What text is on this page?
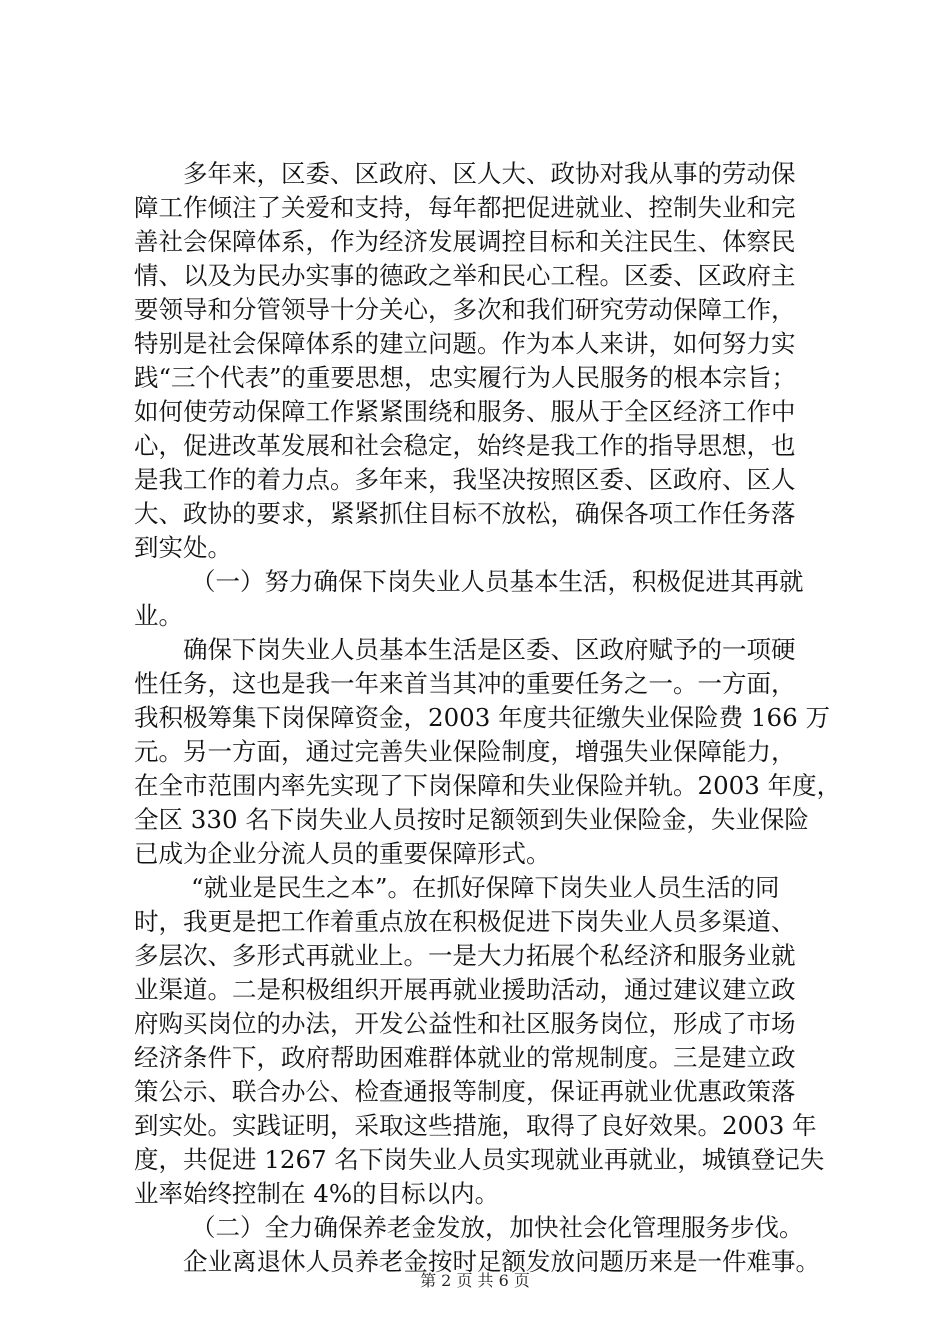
多年来，区委、区政府、区人大、政协对我从事的劳动保
障工作倾注了关爱和支持，每年都把促进就业、控制失业和完
善社会保障体系，作为经济发展调控目标和关注民生、体察民
情、以及为民办实事的德政之举和民心工程。区委、区政府主
要领导和分管领导十分关心，多次和我们研究劳动保障工作，
特别是社会保障体系的建立问题。作为本人来讲，如何努力实
践“三个代表”的重要思想，忠实履行为人民服务的根本宗旨；
如何使劳动保障工作紧紧围绕和服务、服从于全区经济工作中
心，促进改革发展和社会稳定，始终是我工作的指导思想，也
是我工作的着力点。多年来，我坚决按照区委、区政府、区人
大、政协的要求，紧紧抓住目标不放松，确保各项工作任务落
到实处。
（一）努力确保下岗失业人员基本生活，积极促进其再就
业。
确保下岗失业人员基本生活是区委、区政府赋予的一项硬
性任务，这也是我一年来首当其冲的重要任务之一。一方面，
我积极筹集下岗保障资金，2003 年度共征缴失业保险费 166 万
元。另一方面，通过完善失业保险制度，增强失业保障能力，
在全市范围内率先实现了下岗保障和失业保险并轨。2003 年度，
全区 330 名下岗失业人员按时足额领到失业保险金，失业保险
已成为企业分流人员的重要保障形式。
“就业是民生之本”。在抓好保障下岗失业人员生活的同
时，我更是把工作着重点放在积极促进下岗失业人员多渠道、
多层次、多形式再就业上。一是大力拓展个私经济和服务业就
业渠道。二是积极组织开展再就业援助活动，通过建议建立政
府购买岗位的办法，开发公益性和社区服务岗位，形成了市场
经济条件下，政府帮助困难群体就业的常规制度。三是建立政
策公示、联合办公、检查通报等制度，保证再就业优惠政策落
到实处。实践证明，采取这些措施，取得了良好效果。2003 年
度，共促进 1267 名下岗失业人员实现就业再就业，城镇登记失
业率始终控制在 4%的目标以内。
（二）全力确保养老金发放，加快社会化管理服务步伐。
企业离退休人员养老金按时足额发放问题历来是一件难事。
第 2 页 共 6 页
